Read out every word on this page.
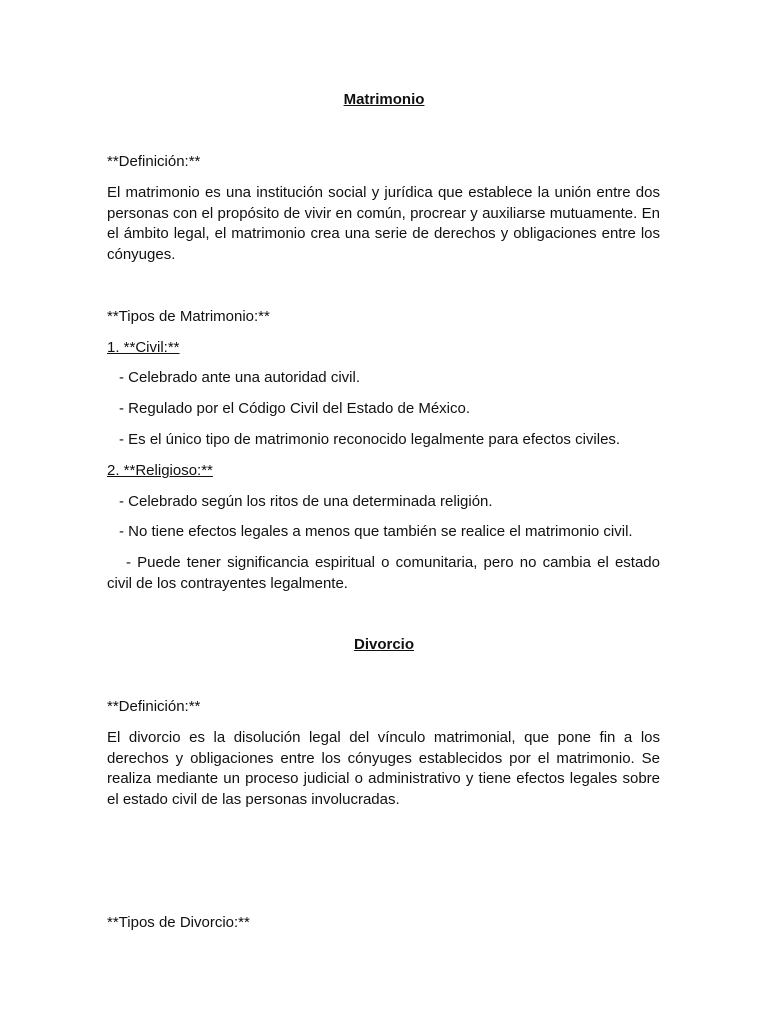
Matrimonio

**Definición:**

El matrimonio es una institución social y jurídica que establece la unión entre dos personas con el propósito de vivir en común, procrear y auxiliarse mutuamente. En el ámbito legal, el matrimonio crea una serie de derechos y obligaciones entre los cónyuges.

**Tipos de Matrimonio:**

1. **Civil:**

- Celebrado ante una autoridad civil.

- Regulado por el Código Civil del Estado de México.

- Es el único tipo de matrimonio reconocido legalmente para efectos civiles.

2. **Religioso:**

- Celebrado según los ritos de una determinada religión.

- No tiene efectos legales a menos que también se realice el matrimonio civil.

- Puede tener significancia espiritual o comunitaria, pero no cambia el estado civil de los contrayentes legalmente.

Divorcio

**Definición:**

El divorcio es la disolución legal del vínculo matrimonial, que pone fin a los derechos y obligaciones entre los cónyuges establecidos por el matrimonio. Se realiza mediante un proceso judicial o administrativo y tiene efectos legales sobre el estado civil de las personas involucradas.

**Tipos de Divorcio:**
